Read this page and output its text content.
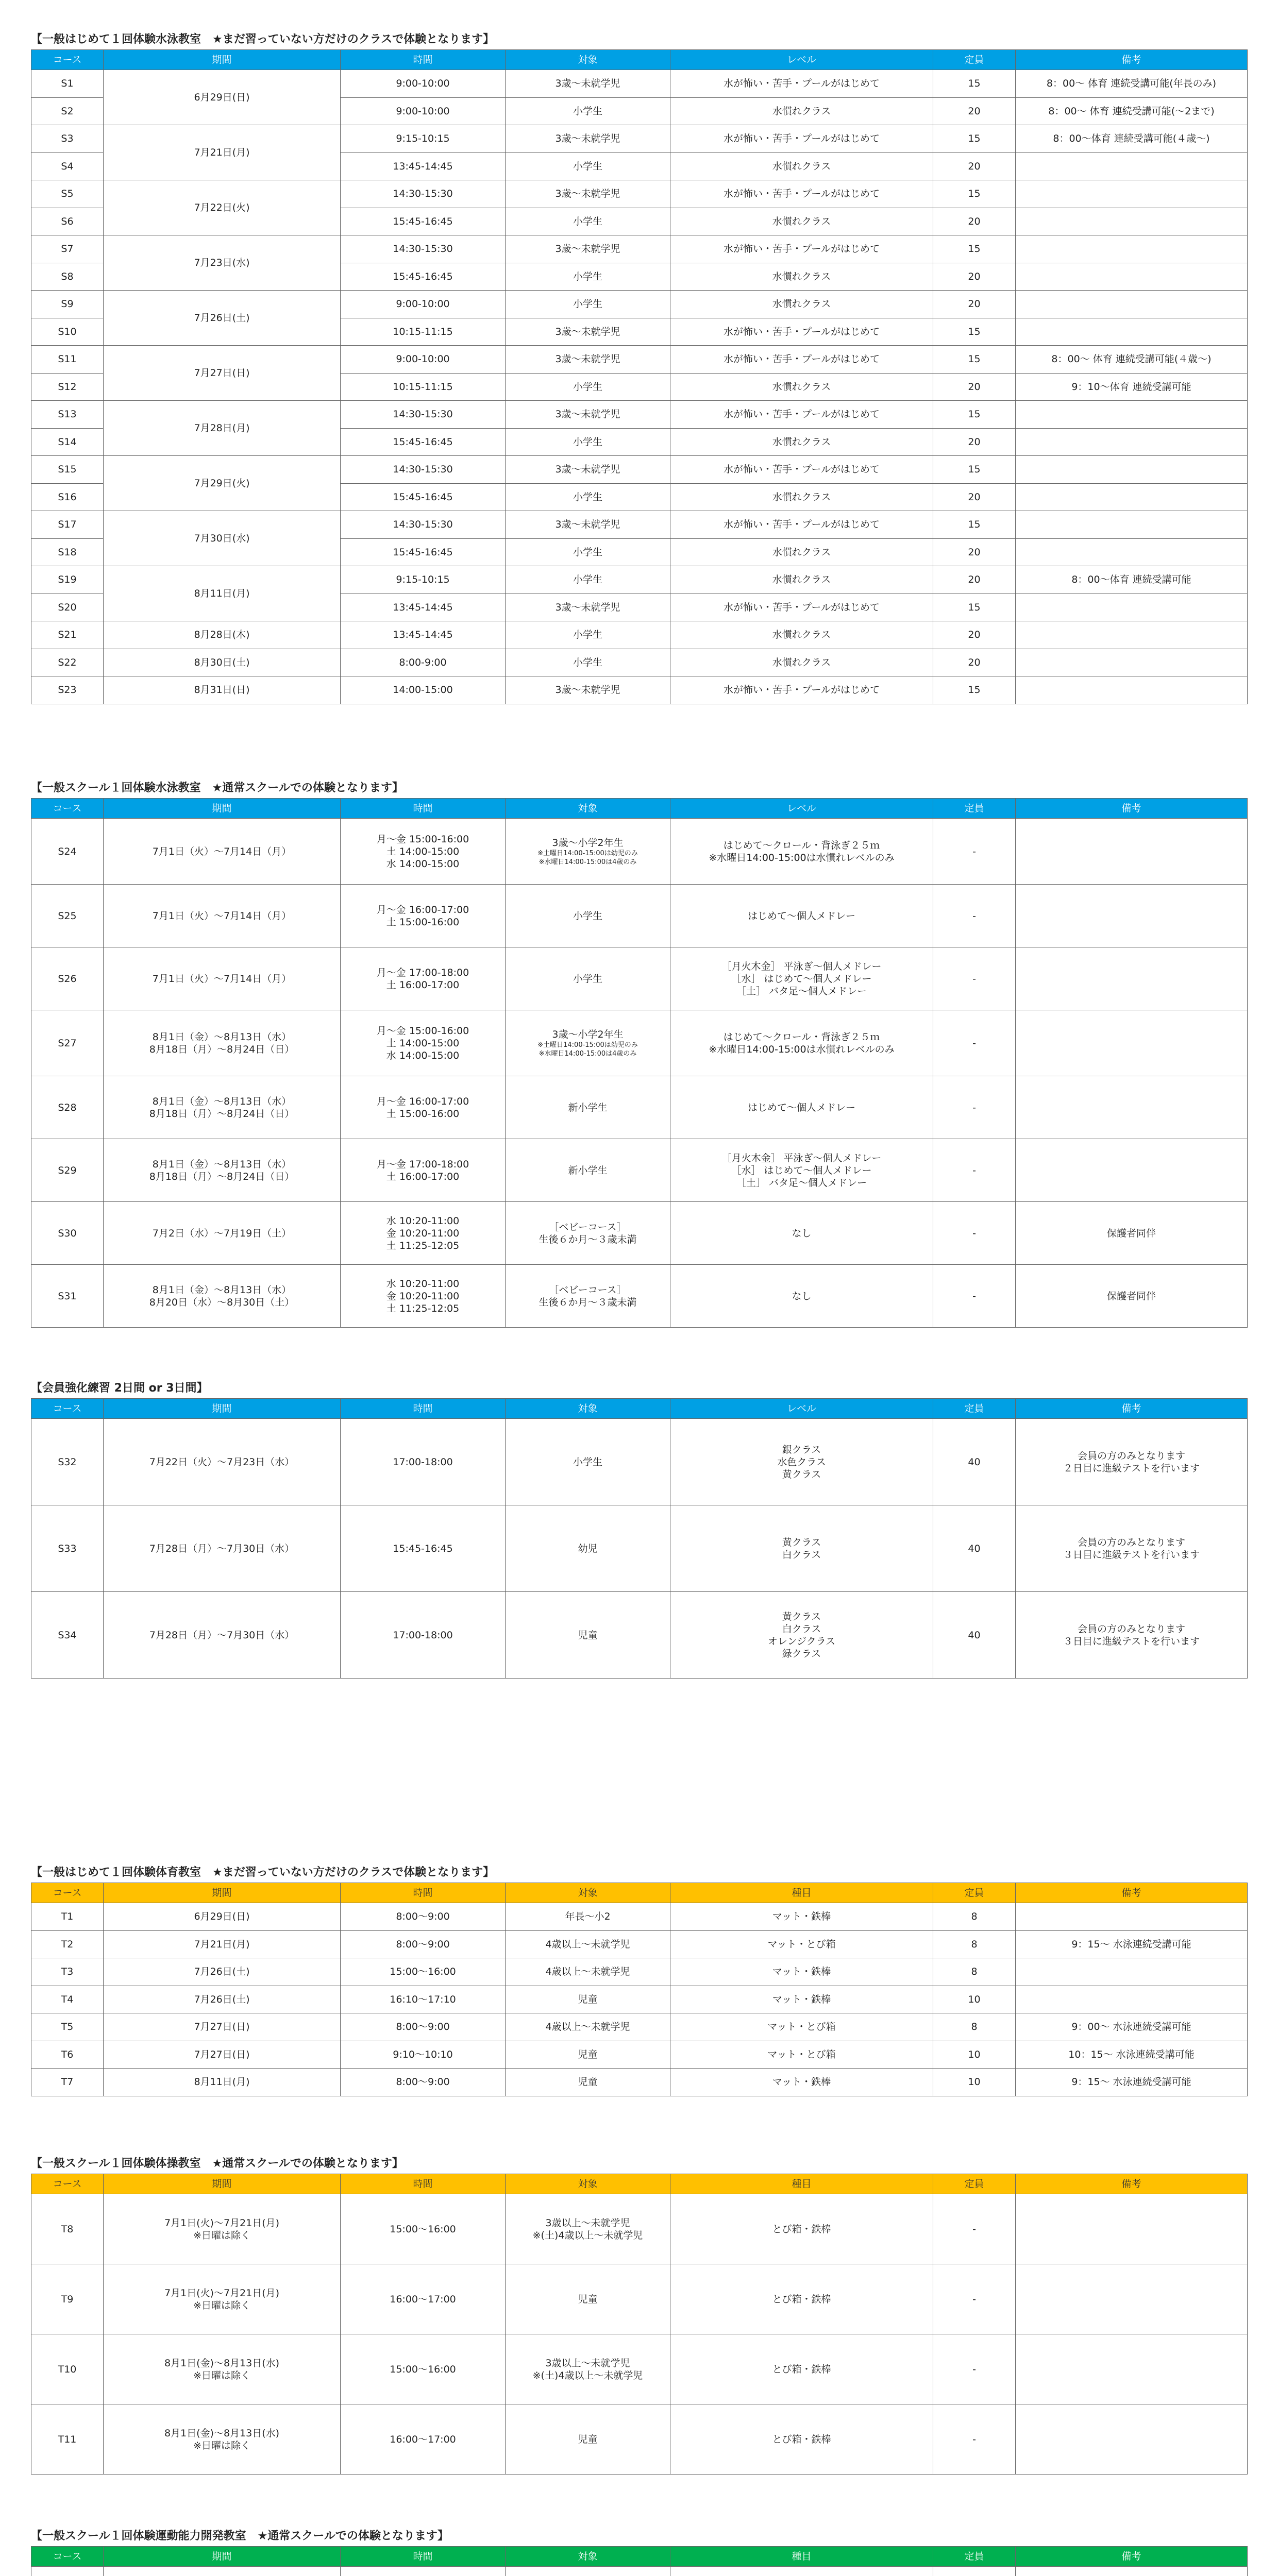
【一般はじめて１回体験水泳教室　★まだ習っていない方だけのクラスで体験となります】
コース	期間	時間	対象	レベル	定員	備考
S1	6月29日(日)	9:00-10:00	3歳～未就学児	水が怖い・苦手・プールがはじめて	15	8：00～ 体育 連続受講可能(年長のみ)
S2		9:00-10:00	小学生	水慣れクラス	20	8：00～ 体育 連続受講可能(～2まで)
S3	7月21日(月)	9:15-10:15	3歳～未就学児	水が怖い・苦手・プールがはじめて	15	8：00～体育 連続受講可能(４歳～)
S4		13:45-14:45	小学生	水慣れクラス	20	
S5	7月22日(火)	14:30-15:30	3歳～未就学児	水が怖い・苦手・プールがはじめて	15	
S6		15:45-16:45	小学生	水慣れクラス	20	
S7	7月23日(水)	14:30-15:30	3歳～未就学児	水が怖い・苦手・プールがはじめて	15	
S8		15:45-16:45	小学生	水慣れクラス	20	
S9	7月26日(土)	9:00-10:00	小学生	水慣れクラス	20	
S10		10:15-11:15	3歳～未就学児	水が怖い・苦手・プールがはじめて	15	
S11	7月27日(日)	9:00-10:00	3歳～未就学児	水が怖い・苦手・プールがはじめて	15	8：00～ 体育 連続受講可能(４歳～)
S12		10:15-11:15	小学生	水慣れクラス	20	9：10～体育 連続受講可能
S13	7月28日(月)	14:30-15:30	3歳～未就学児	水が怖い・苦手・プールがはじめて	15	
S14		15:45-16:45	小学生	水慣れクラス	20	
S15	7月29日(火)	14:30-15:30	3歳～未就学児	水が怖い・苦手・プールがはじめて	15	
S16		15:45-16:45	小学生	水慣れクラス	20	
S17	7月30日(水)	14:30-15:30	3歳～未就学児	水が怖い・苦手・プールがはじめて	15	
S18		15:45-16:45	小学生	水慣れクラス	20	
S19	8月11日(月)	9:15-10:15	小学生	水慣れクラス	20	8：00～体育 連続受講可能
S20		13:45-14:45	3歳～未就学児	水が怖い・苦手・プールがはじめて	15	
S21	8月28日(木)	13:45-14:45	小学生	水慣れクラス	20	
S22	8月30日(土)	8:00-9:00	小学生	水慣れクラス	20	
S23	8月31日(日)	14:00-15:00	3歳～未就学児	水が怖い・苦手・プールがはじめて	15	
【一般スクール１回体験水泳教室　★通常スクールでの体験となります】
コース	期間	時間	対象	レベル	定員	備考
S24	7月1日（火）～7月14日（月）	月～金 15:00-16:00
土 14:00-15:00
水 14:00-15:00	3歳～小学2年生
※土曜日14:00-15:00は幼児のみ
※水曜日14:00-15:00は4歳のみ	はじめて～クロール・背泳ぎ２５ｍ
※水曜日14:00-15:00は水慣れレベルのみ	-	
S25	7月1日（火）～7月14日（月）	月～金 16:00-17:00
土 15:00-16:00	小学生	はじめて～個人メドレー	-	
S26	7月1日（火）～7月14日（月）	月～金 17:00-18:00
土 16:00-17:00	小学生	［月火木金］ 平泳ぎ～個人メドレー
［水］ はじめて～個人メドレー
［土］ バタ足～個人メドレー	-	
S27	8月1日（金）～8月13日（水）
8月18日（月）～8月24日（日）	月～金 15:00-16:00
土 14:00-15:00
水 14:00-15:00	3歳～小学2年生
※土曜日14:00-15:00は幼児のみ
※水曜日14:00-15:00は4歳のみ	はじめて～クロール・背泳ぎ２５ｍ
※水曜日14:00-15:00は水慣れレベルのみ	-	
S28	8月1日（金）～8月13日（水）
8月18日（月）～8月24日（日）	月～金 16:00-17:00
土 15:00-16:00	新小学生	はじめて～個人メドレー	-	
S29	8月1日（金）～8月13日（水）
8月18日（月）～8月24日（日）	月～金 17:00-18:00
土 16:00-17:00	新小学生	［月火木金］ 平泳ぎ～個人メドレー
［水］ はじめて～個人メドレー
［土］ バタ足～個人メドレー	-	
S30	7月2日（水）～7月19日（土）	水 10:20-11:00
金 10:20-11:00
土 11:25-12:05	［ベビーコース］
生後６か月～３歳未満	なし	-	保護者同伴
S31	8月1日（金）～8月13日（水）
8月20日（水）～8月30日（土）	水 10:20-11:00
金 10:20-11:00
土 11:25-12:05	［ベビーコース］
生後６か月～３歳未満	なし	-	保護者同伴
【会員強化練習 2日間 or 3日間】
コース	期間	時間	対象	レベル	定員	備考
S32	7月22日（火）～7月23日（水）	17:00-18:00	小学生	銀クラス
水色クラス
黄クラス	40	会員の方のみとなります
２日目に進級テストを行います

S33	7月28日（月）～7月30日（水）	15:45-16:45	幼児	黄クラス
白クラス	40	会員の方のみとなります
３日目に進級テストを行います

S34	7月28日（月）～7月30日（水）	17:00-18:00	児童	黄クラス
白クラス
オレンジクラス
緑クラス	40	会員の方のみとなります
３日目に進級テストを行います
【一般はじめて１回体験体育教室　★まだ習っていない方だけのクラスで体験となります】
コース	期間	時間	対象	種目	定員	備考
T1	6月29日(日)	8:00～9:00	年長～小2	マット・鉄棒	8	
T2	7月21日(月)	8:00～9:00	4歳以上～未就学児	マット・とび箱	8	9：15～ 水泳連続受講可能
T3	7月26日(土)	15:00～16:00	4歳以上～未就学児	マット・鉄棒	8	
T4	7月26日(土)	16:10～17:10	児童	マット・鉄棒	10	
T5	7月27日(日)	8:00～9:00	4歳以上～未就学児	マット・とび箱	8	9：00～ 水泳連続受講可能
T6	7月27日(日)	9:10～10:10	児童	マット・とび箱	10	10：15～ 水泳連続受講可能
T7	8月11日(月)	8:00～9:00	児童	マット・鉄棒	10	9：15～ 水泳連続受講可能
【一般スクール１回体験体操教室　★通常スクールでの体験となります】
コース	期間	時間	対象	種目	定員	備考
T8	7月1日(火)～7月21日(月)
※日曜は除く	15:00～16:00	3歳以上～未就学児
※(土)4歳以上～未就学児	とび箱・鉄棒	-	
T9	7月1日(火)～7月21日(月)
※日曜は除く	16:00～17:00	児童	とび箱・鉄棒	-	
T10	8月1日(金)～8月13日(水)
※日曜は除く	15:00～16:00	3歳以上～未就学児
※(土)4歳以上～未就学児	とび箱・鉄棒	-	
T11	8月1日(金)～8月13日(水)
※日曜は除く	16:00～17:00	児童	とび箱・鉄棒	-	
【一般スクール１回体験運動能力開発教室　★通常スクールでの体験となります】
コース	期間	時間	対象	種目	定員	備考
